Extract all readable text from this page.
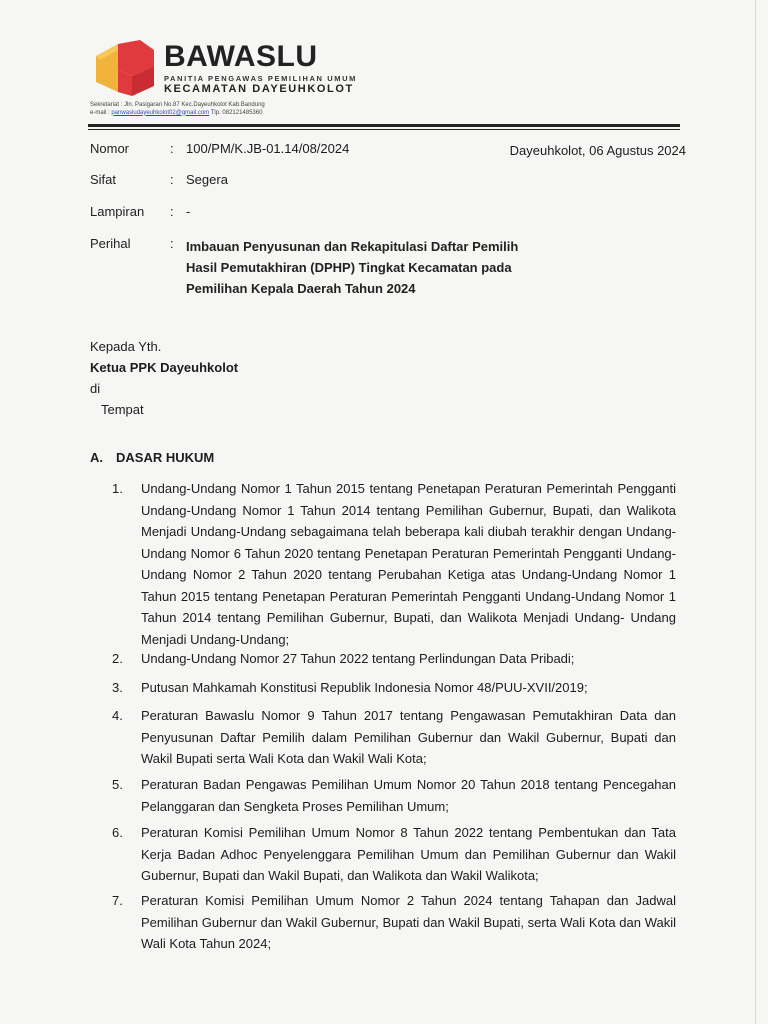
BAWASLU
PANITIA PENGAWAS PEMILIHAN UMUM
KECAMATAN DAYEUHKOLOT
Sekretariat : Jln. Pasigaran No.87 Kec.Dayeuhkolot Kab.Bandung
e-mail : panwasludayeuhkolot02@gmail.com Tlp. 082121485360
Dayeuhkolot, 06 Agustus 2024
Nomor	: 100/PM/K.JB-01.14/08/2024
Sifat	: Segera
Lampiran : -
Perihal	: Imbauan Penyusunan dan Rekapitulasi Daftar Pemilih
Hasil Pemutakhiran (DPHP) Tingkat Kecamatan pada
Pemilihan Kepala Daerah Tahun 2024
Kepada Yth.
Ketua PPK Dayeuhkolot
di
Tempat
A. DASAR HUKUM
1.	Undang-Undang Nomor 1 Tahun 2015 tentang Penetapan Peraturan Pemerintah Pengganti Undang-Undang Nomor 1 Tahun 2014 tentang Pemilihan Gubernur, Bupati, dan Walikota Menjadi Undang-Undang sebagaimana telah beberapa kali diubah terakhir dengan Undang-Undang Nomor 6 Tahun 2020 tentang Penetapan Peraturan Pemerintah Pengganti Undang-Undang Nomor 2 Tahun 2020 tentang Perubahan Ketiga atas Undang-Undang Nomor 1 Tahun 2015 tentang Penetapan Peraturan Pemerintah Pengganti Undang-Undang Nomor 1 Tahun 2014 tentang Pemilihan Gubernur, Bupati, dan Walikota Menjadi Undang- Undang Menjadi Undang-Undang;
2.	Undang-Undang Nomor 27 Tahun 2022 tentang Perlindungan Data Pribadi;
3.	Putusan Mahkamah Konstitusi Republik Indonesia Nomor 48/PUU-XVII/2019;
4.	Peraturan Bawaslu Nomor 9 Tahun 2017 tentang Pengawasan Pemutakhiran Data dan Penyusunan Daftar Pemilih dalam Pemilihan Gubernur dan Wakil Gubernur, Bupati dan Wakil Bupati serta Wali Kota dan Wakil Wali Kota;
5.	Peraturan Badan Pengawas Pemilihan Umum Nomor 20 Tahun 2018 tentang Pencegahan Pelanggaran dan Sengketa Proses Pemilihan Umum;
6.	Peraturan Komisi Pemilihan Umum Nomor 8 Tahun 2022 tentang Pembentukan dan Tata Kerja Badan Adhoc Penyelenggara Pemilihan Umum dan Pemilihan Gubernur dan Wakil Gubernur, Bupati dan Wakil Bupati, dan Walikota dan Wakil Walikota;
7.	Peraturan Komisi Pemilihan Umum Nomor 2 Tahun 2024 tentang Tahapan dan Jadwal Pemilihan Gubernur dan Wakil Gubernur, Bupati dan Wakil Bupati, serta Wali Kota dan Wakil Wali Kota Tahun 2024;
